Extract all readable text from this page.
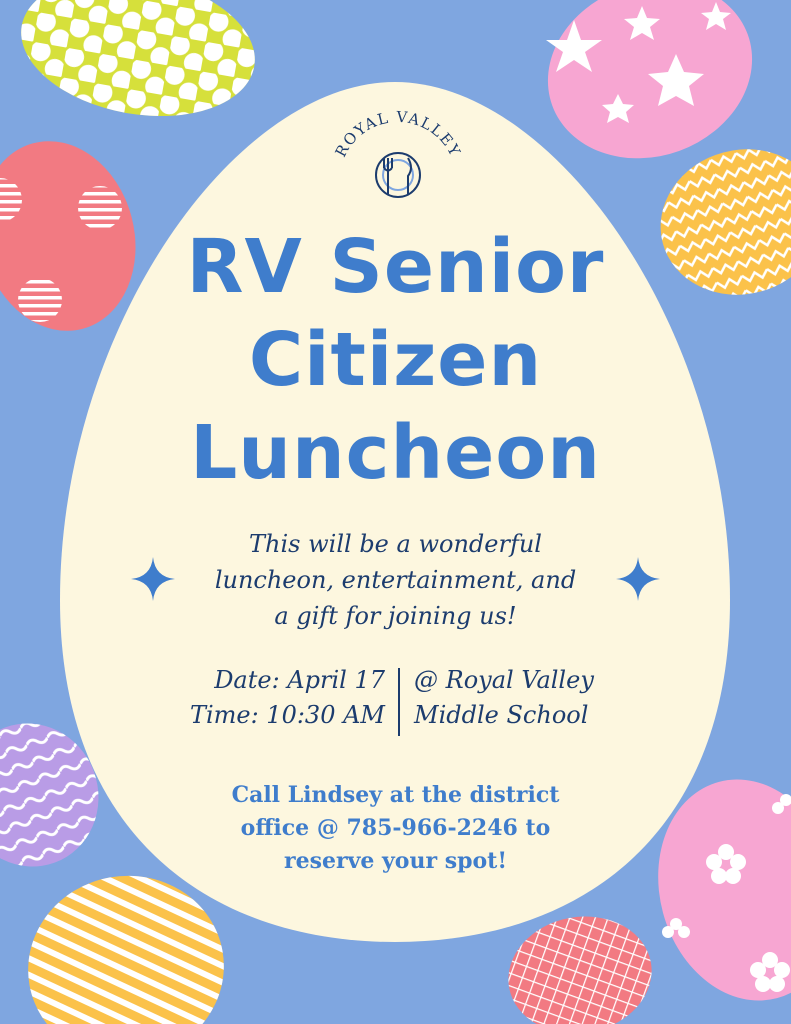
ROYAL VALLEY
RV Senior
Citizen
Luncheon
This will be a wonderful
luncheon, entertainment, and
a gift for joining us!
Date: April 17
Time: 10:30 AM
@ Royal Valley
Middle School
Call Lindsey at the district
office @ 785-966-2246 to
reserve your spot!
